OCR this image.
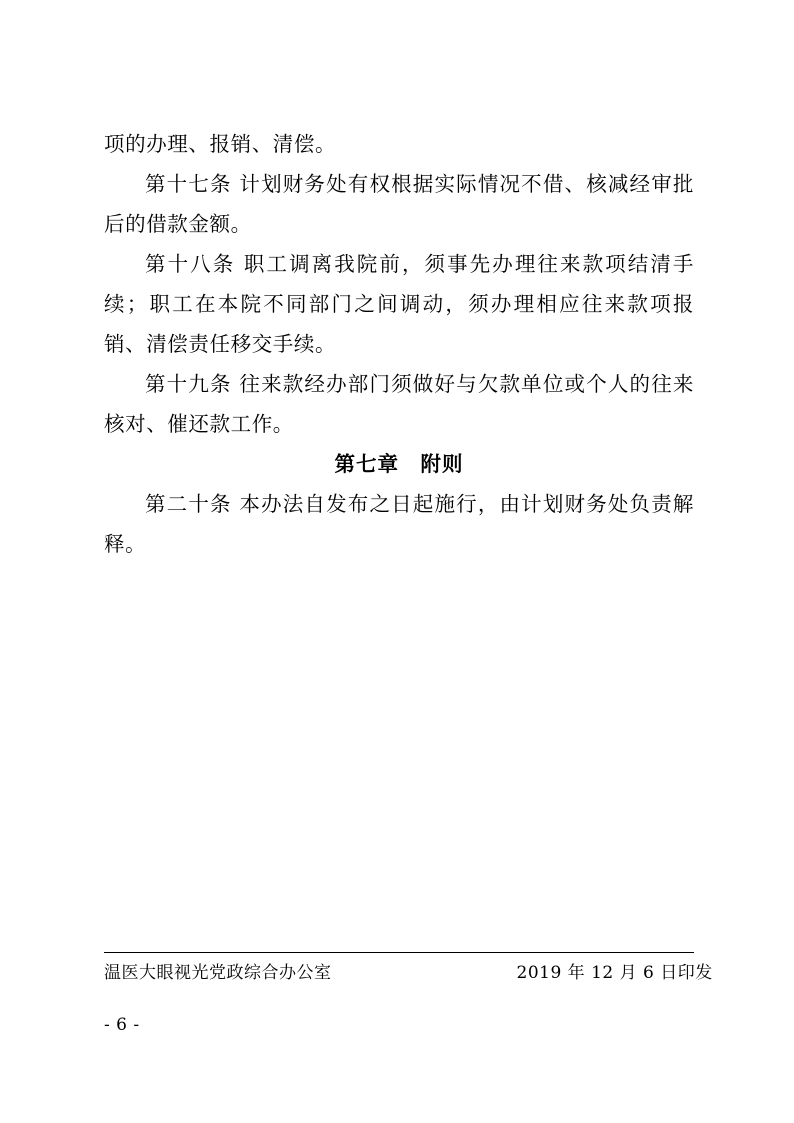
项的办理、报销、清偿。

第十七条 计划财务处有权根据实际情况不借、核减经审批后的借款金额。

第十八条 职工调离我院前，须事先办理往来款项结清手续；职工在本院不同部门之间调动，须办理相应往来款项报销、清偿责任移交手续。

第十九条 往来款经办部门须做好与欠款单位或个人的往来核对、催还款工作。

第七章　附则

第二十条 本办法自发布之日起施行，由计划财务处负责解释。

温医大眼视光党政综合办公室	2019 年 12 月 6 日印发
- 6 -
